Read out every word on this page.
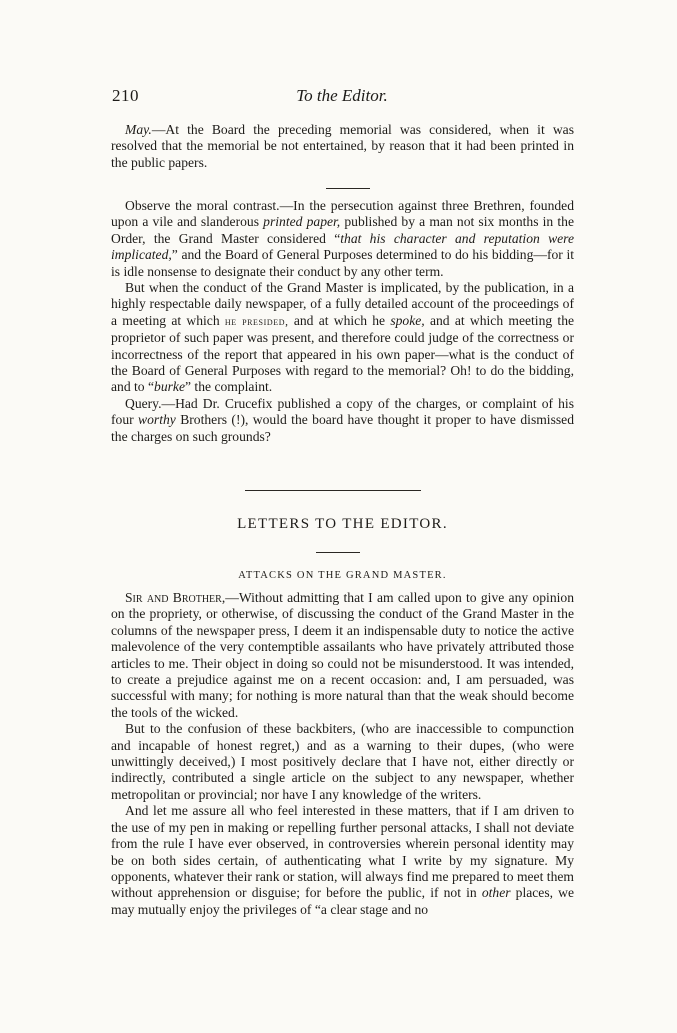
210	To the Editor.

May.—At the Board the preceding memorial was considered, when it was resolved that the memorial be not entertained, by reason that it had been printed in the public papers.

Observe the moral contrast.—In the persecution against three Brethren, founded upon a vile and slanderous printed paper, published by a man not six months in the Order, the Grand Master considered “that his character and reputation were implicated,” and the Board of General Purposes determined to do his bidding—for it is idle nonsense to designate their conduct by any other term.

But when the conduct of the Grand Master is implicated, by the publication, in a highly respectable daily newspaper, of a fully detailed account of the proceedings of a meeting at which he presided, and at which he spoke, and at which meeting the proprietor of such paper was present, and therefore could judge of the correctness or incorrectness of the report that appeared in his own paper—what is the conduct of the Board of General Purposes with regard to the memorial? Oh! to do the bidding, and to “burke” the complaint.

Query.—Had Dr. Crucefix published a copy of the charges, or complaint of his four worthy Brothers (!), would the board have thought it proper to have dismissed the charges on such grounds?

LETTERS TO THE EDITOR.
ATTACKS ON THE GRAND MASTER.

Sir and Brother,—Without admitting that I am called upon to give any opinion on the propriety, or otherwise, of discussing the conduct of the Grand Master in the columns of the newspaper press, I deem it an indispensable duty to notice the active malevolence of the very contemptible assailants who have privately attributed those articles to me. Their object in doing so could not be misunderstood. It was intended, to create a prejudice against me on a recent occasion: and, I am persuaded, was successful with many; for nothing is more natural than that the weak should become the tools of the wicked.

But to the confusion of these backbiters, (who are inaccessible to compunction and incapable of honest regret,) and as a warning to their dupes, (who were unwittingly deceived,) I most positively declare that I have not, either directly or indirectly, contributed a single article on the subject to any newspaper, whether metropolitan or provincial; nor have I any knowledge of the writers.

And let me assure all who feel interested in these matters, that if I am driven to the use of my pen in making or repelling further personal attacks, I shall not deviate from the rule I have ever observed, in controversies wherein personal identity may be on both sides certain, of authenticating what I write by my signature. My opponents, whatever their rank or station, will always find me prepared to meet them without apprehension or disguise; for before the public, if not in other places, we may mutually enjoy the privileges of “a clear stage and no
